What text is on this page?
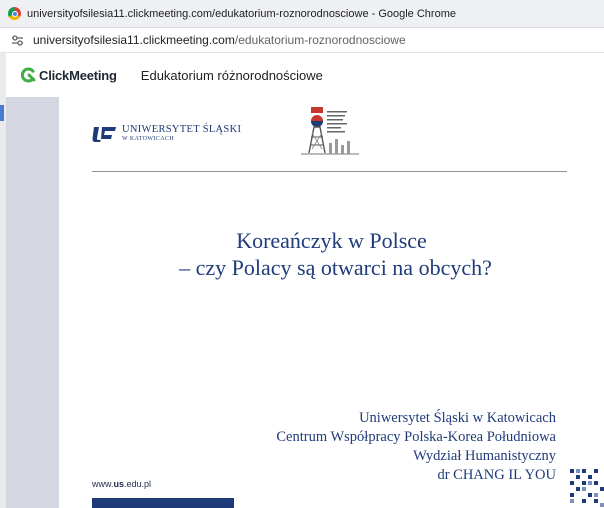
universityofsilesia11.clickmeeting.com/edukatorium-roznorodnosciowe - Google Chrome
universityofsilesia11.clickmeeting.com/edukatorium-roznorodnosciowe
ClickMeeting Edukatorium różnorodnościowe
UNIWERSYTET ŚLĄSKI
W KATOWICACH
Koreańczyk w Polsce
– czy Polacy są otwarci na obcych?
Uniwersytet Śląski w Katowicach
Centrum Współpracy Polska-Korea Południowa
Wydział Humanistyczny
dr CHANG IL YOU
www.us.edu.pl
